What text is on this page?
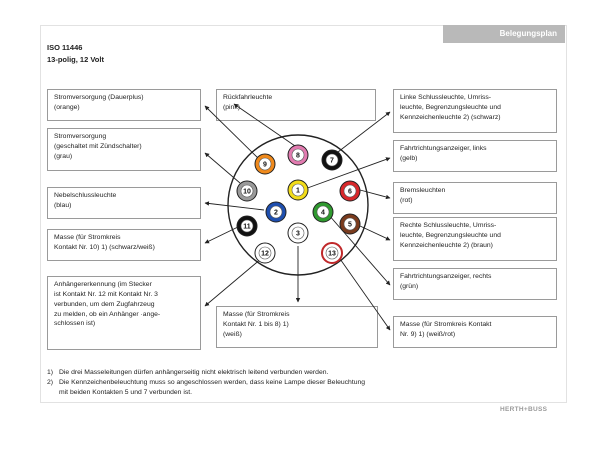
Belegungsplan
ISO 11446
13-polig, 12 Volt
Stromversorgung (Dauerplus)
(orange)
Stromversorgung
(geschaltet mit Zündschalter)
(grau)
Nebelschlussleuchte
(blau)
Masse (für Stromkreis
Kontakt Nr. 10) 1) (schwarz/weiß)
Anhängererkennung (im Stecker
ist Kontakt Nr. 12 mit Kontakt Nr. 3
verbunden, um dem Zugfahrzeug
zu melden, ob ein Anhänger ·ange-
schlossen ist)
Rückfahrleuchte
(pink)
Masse (für Stromkreis
Kontakt Nr. 1 bis 8) 1)
(weiß)
Linke Schlussleuchte, Umriss-
leuchte, Begrenzungsleuchte und
Kennzeichenleuchte 2) (schwarz)
Fahrtrichtungsanzeiger, links
(gelb)
Bremsleuchten
(rot)
Rechte Schlussleuchte, Umriss-
leuchte, Begrenzungsleuchte und
Kennzeichenleuchte 2) (braun)
Fahrtrichtungsanzeiger, rechts
(grün)
Masse (für Stromkreis Kontakt
Nr. 9) 1) (weiß/rot)
1
2
3
4
5
6
7
8
9
10
11
12	13
1) Die drei Masseleitungen dürfen anhängerseitig nicht elektrisch leitend verbunden werden.
2) Die Kennzeichenbeleuchtung muss so angeschlossen werden, dass keine Lampe dieser Beleuchtung
mit beiden Kontakten 5 und 7 verbunden ist.
HERTH+BUSS
